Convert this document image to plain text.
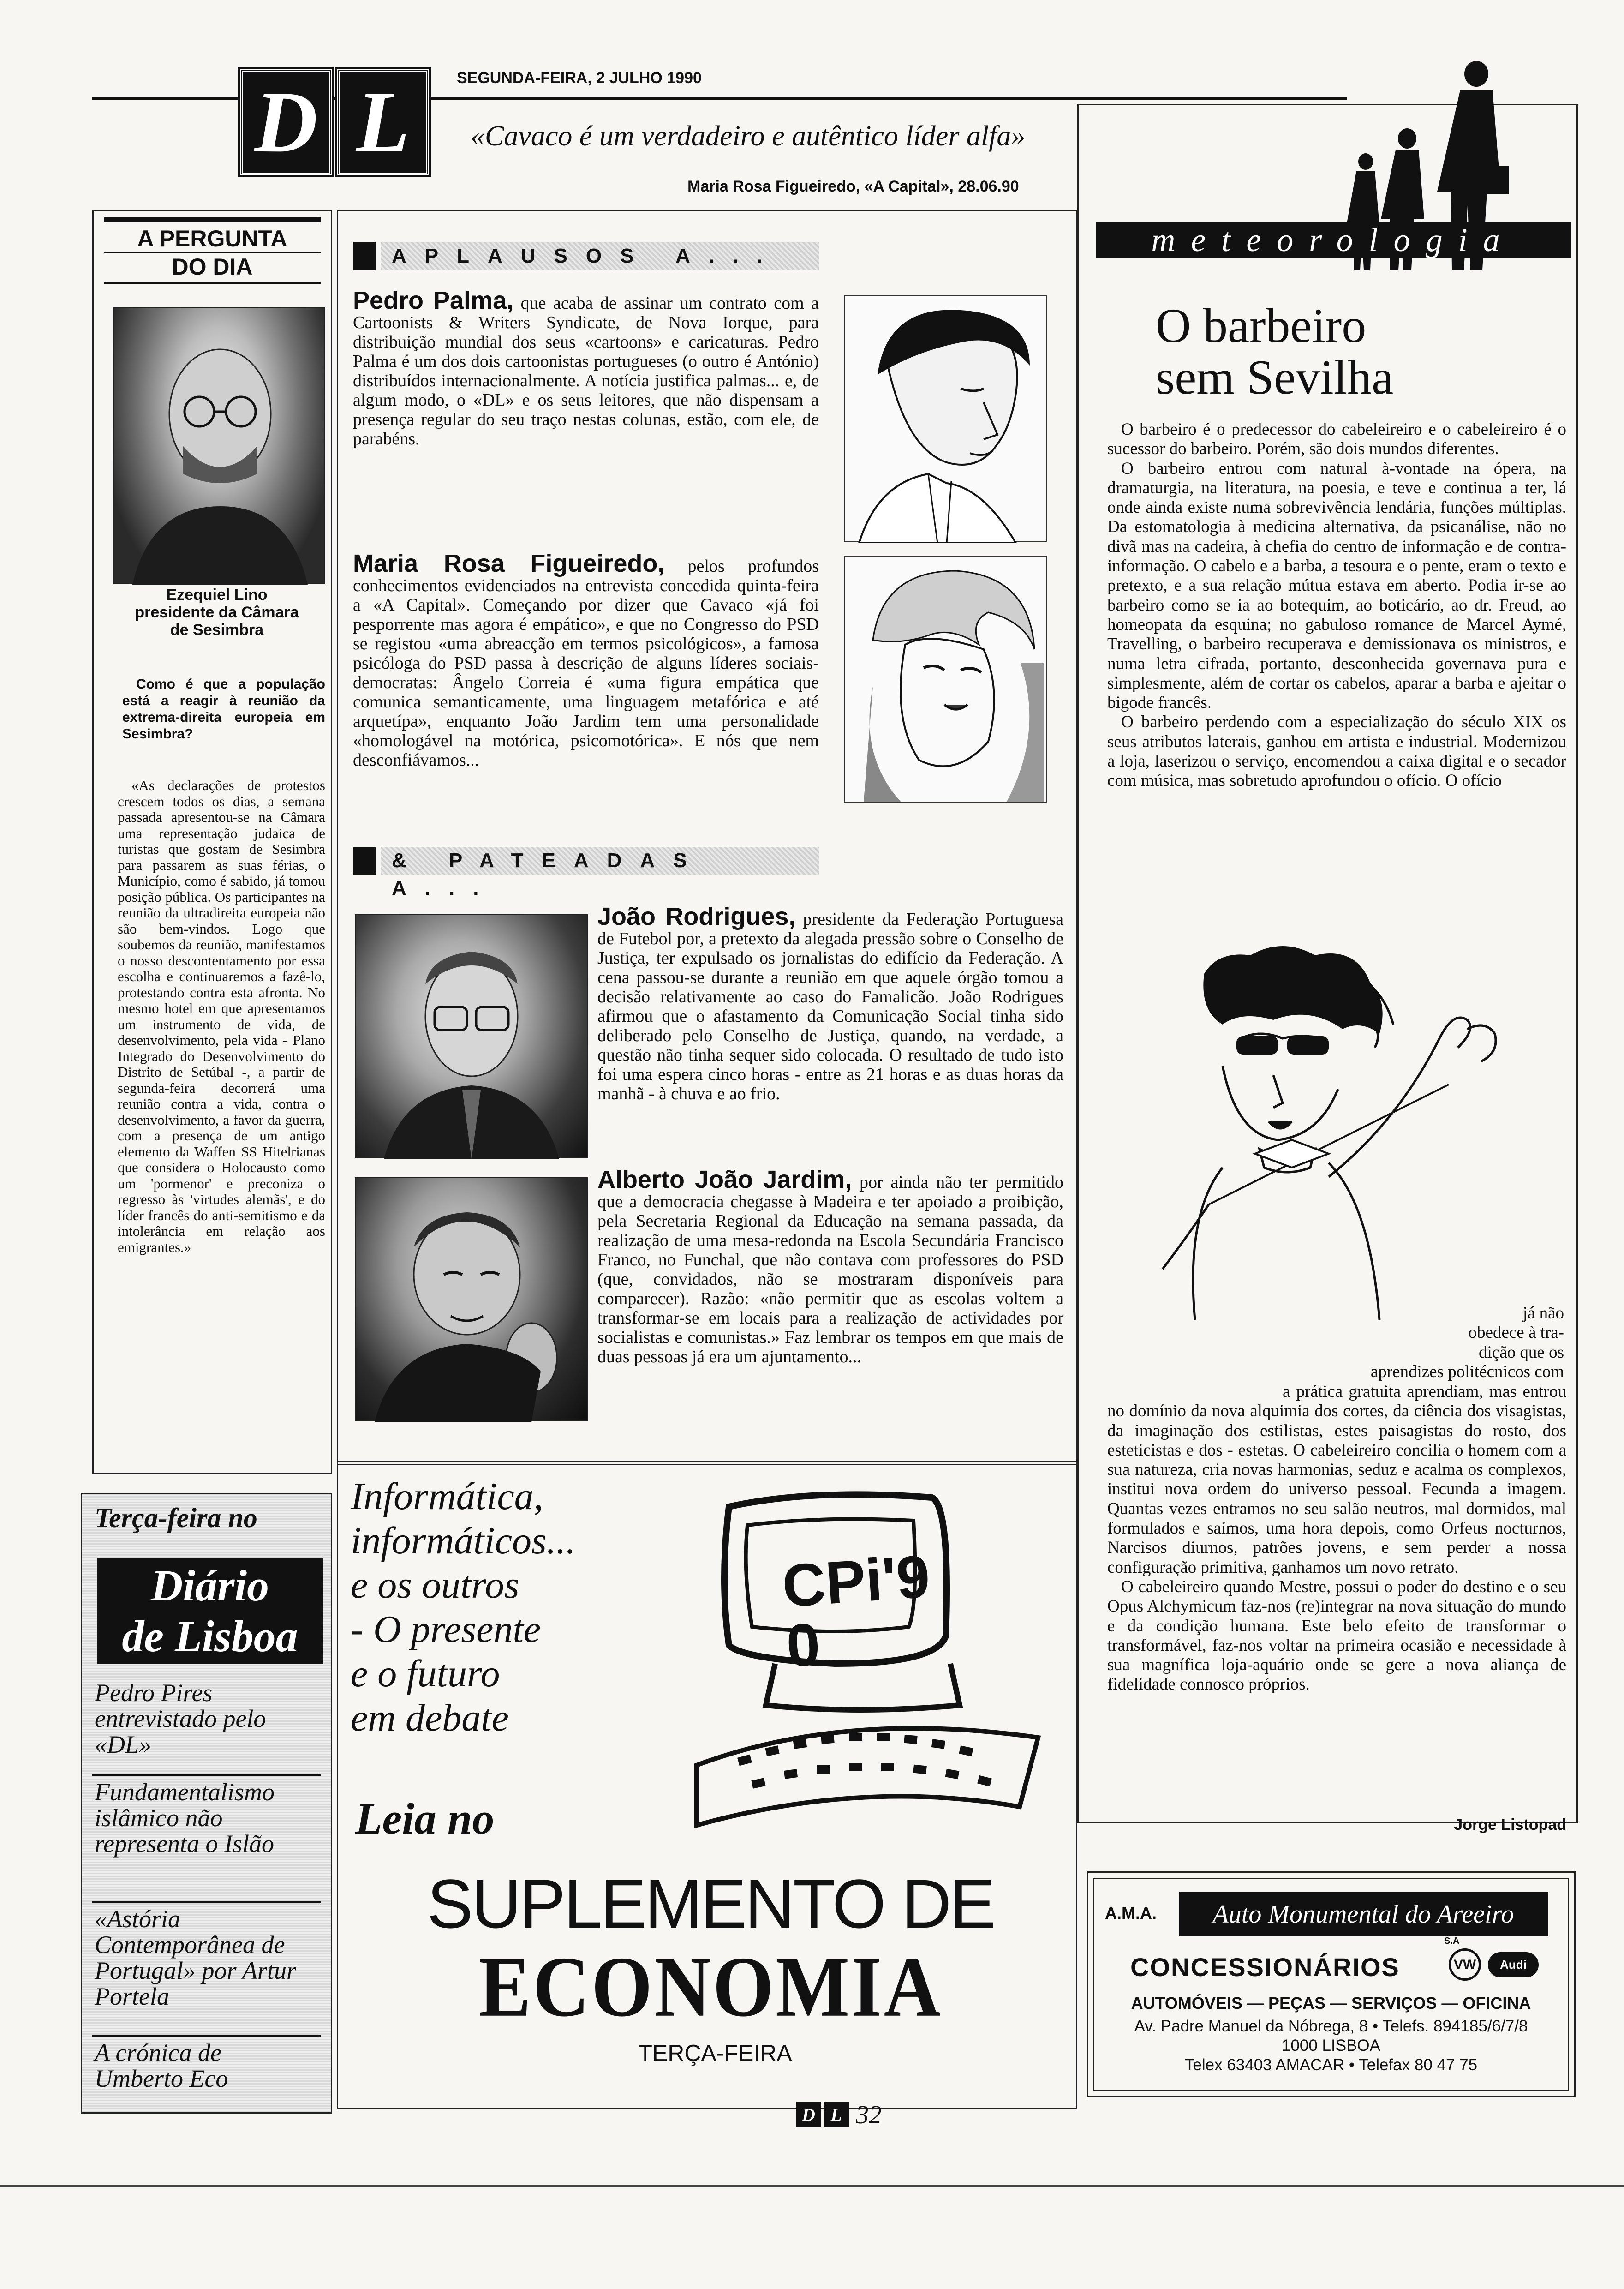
D L	SEGUNDA-FEIRA, 2 JULHO 1990
«Cavaco é um verdadeiro e autêntico líder alfa»
Maria Rosa Figueiredo, «A Capital», 28.06.90
meteorologia
A PERGUNTA
DO DIA
Ezequiel Lino
presidente da Câmara
de Sesimbra
Como é que a população está a reagir à reunião da extrema-direita europeia em Sesimbra?
«As declarações de protestos crescem todos os dias, a semana passada apresentou-se na Câmara uma representação judaica de turistas que gostam de Sesimbra para passarem as suas férias, o Município, como é sabido, já tomou posição pública. Os participantes na reunião da ultradireita europeia não são bem-vindos. Logo que soubemos da reunião, manifestamos o nosso descontentamento por essa escolha e continuaremos a fazê-lo, protestando contra esta afronta. No mesmo hotel em que apresentamos um instrumento de vida, de desenvolvimento, pela vida - Plano Integrado do Desenvolvimento do Distrito de Setúbal -, a partir de segunda-feira decorrerá uma reunião contra a vida, contra o desenvolvimento, a favor da guerra, com a presença de um antigo elemento da Waffen SS Hitelrianas que considera o Holocausto como um 'pormenor' e preconiza o regresso às 'virtudes alemãs', e do líder francês do anti-semitismo e da intolerância em relação aos emigrantes.»
Terça-feira no
Diário
de Lisboa
Pedro Pires entrevistado pelo «DL»
Fundamentalismo islâmico não representa o Islão
«Astória Contemporânea de Portugal» por Artur Portela
A crónica de Umberto Eco
APLAUSOS A...
Pedro Palma, que acaba de assinar um contrato com a Cartoonists & Writers Syndicate, de Nova Iorque, para distribuição mundial dos seus «cartoons» e caricaturas. Pedro Palma é um dos dois cartoonistas portugueses (o outro é António) distribuídos internacionalmente. A notícia justifica palmas... e, de algum modo, o «DL» e os seus leitores, que não dispensam a presença regular do seu traço nestas colunas, estão, com ele, de parabéns.
Maria Rosa Figueiredo, pelos profundos conhecimentos evidenciados na entrevista concedida quinta-feira a «A Capital». Começando por dizer que Cavaco «já foi pesporrente mas agora é empático», e que no Congresso do PSD se registou «uma abreacção em termos psicológicos», a famosa psicóloga do PSD passa à descrição de alguns líderes sociais-democratas: Ângelo Correia é «uma figura empática que comunica semanticamente, uma linguagem metafórica e até arquetípa», enquanto João Jardim tem uma personalidade «homologável na motórica, psicomotórica». E nós que nem desconfiávamos...
& PATEADAS A...
João Rodrigues, presidente da Federação Portuguesa de Futebol por, a pretexto da alegada pressão sobre o Conselho de Justiça, ter expulsado os jornalistas do edifício da Federação. A cena passou-se durante a reunião em que aquele órgão tomou a decisão relativamente ao caso do Famalicão. João Rodrigues afirmou que o afastamento da Comunicação Social tinha sido deliberado pelo Conselho de Justiça, quando, na verdade, a questão não tinha sequer sido colocada. O resultado de tudo isto foi uma espera cinco horas - entre as 21 horas e as duas horas da manhã - à chuva e ao frio.
Alberto João Jardim, por ainda não ter permitido que a democracia chegasse à Madeira e ter apoiado a proibição, pela Secretaria Regional da Educação na semana passada, da realização de uma mesa-redonda na Escola Secundária Francisco Franco, no Funchal, que não contava com professores do PSD (que, convidados, não se mostraram disponíveis para comparecer). Razão: «não permitir que as escolas voltem a transformar-se em locais para a realização de actividades por socialistas e comunistas.» Faz lembrar os tempos em que mais de duas pessoas já era um ajuntamento...
Informática,
informáticos...
e os outros
- O presente
e o futuro
em debate
Leia no
CPi'90
SUPLEMENTO DE
ECONOMIA
TERÇA-FEIRA
O barbeiro
sem Sevilha

O barbeiro é o predecessor do cabeleireiro e o cabeleireiro é o sucessor do barbeiro. Porém, são dois mundos diferentes.

O barbeiro entrou com natural à-vontade na ópera, na dramaturgia, na literatura, na poesia, e teve e continua a ter, lá onde ainda existe numa sobrevivência lendária, funções múltiplas. Da estomatologia à medicina alternativa, da psicanálise, não no divã mas na cadeira, à chefia do centro de informação e de contra-informação. O cabelo e a barba, a tesoura e o pente, eram o texto e pretexto, e a sua relação mútua estava em aberto. Podia ir-se ao barbeiro como se ia ao botequim, ao boticário, ao dr. Freud, ao homeopata da esquina; no gabuloso romance de Marcel Aymé, Travelling, o barbeiro recuperava e demissionava os ministros, e numa letra cifrada, portanto, desconhecida governava pura e simplesmente, além de cortar os cabelos, aparar a barba e ajeitar o bigode francês.

O barbeiro perdendo com a especialização do século XIX os seus atributos laterais, ganhou em artista e industrial. Modernizou a loja, laserizou o serviço, encomendou a caixa digital e o secador com música, mas sobretudo aprofundou o ofício. O ofício

já não
obedece à tra-
dição que os
aprendizes politécnicos com

a prática gratuita aprendiam, mas entrou no domínio da nova alquimia dos cortes, da ciência dos visagistas, da imaginação dos estilistas, estes paisagistas do rosto, dos esteticistas e dos - estetas. O cabeleireiro concilia o homem com a sua natureza, cria novas harmonias, seduz e acalma os complexos, institui nova ordem do universo pessoal. Fecunda a imagem. Quantas vezes entramos no seu salão neutros, mal dormidos, mal formulados e saímos, uma hora depois, como Orfeus nocturnos, Narcisos diurnos, patrões jovens, e sem perder a nossa configuração primitiva, ganhamos um novo retrato.

O cabeleireiro quando Mestre, possui o poder do destino e o seu Opus Alchymicum faz-nos (re)integrar na nova situação do mundo e da condição humana. Este belo efeito de transformar o transformável, faz-nos voltar na primeira ocasião e necessidade à sua magnífica loja-aquário onde se gere a nova aliança de fidelidade connosco próprios.

Jorge Listopad
A.M.A. Auto Monumental do Areeiro
S.A
CONCESSIONÁRIOS	VW	Audi
AUTOMÓVEIS — PEÇAS — SERVIÇOS — OFICINA
Av. Padre Manuel da Nóbrega, 8 • Telefs. 894185/6/7/8
1000 LISBOA
Telex 63403 AMACAR • Telefax 80 47 75
D L 32
